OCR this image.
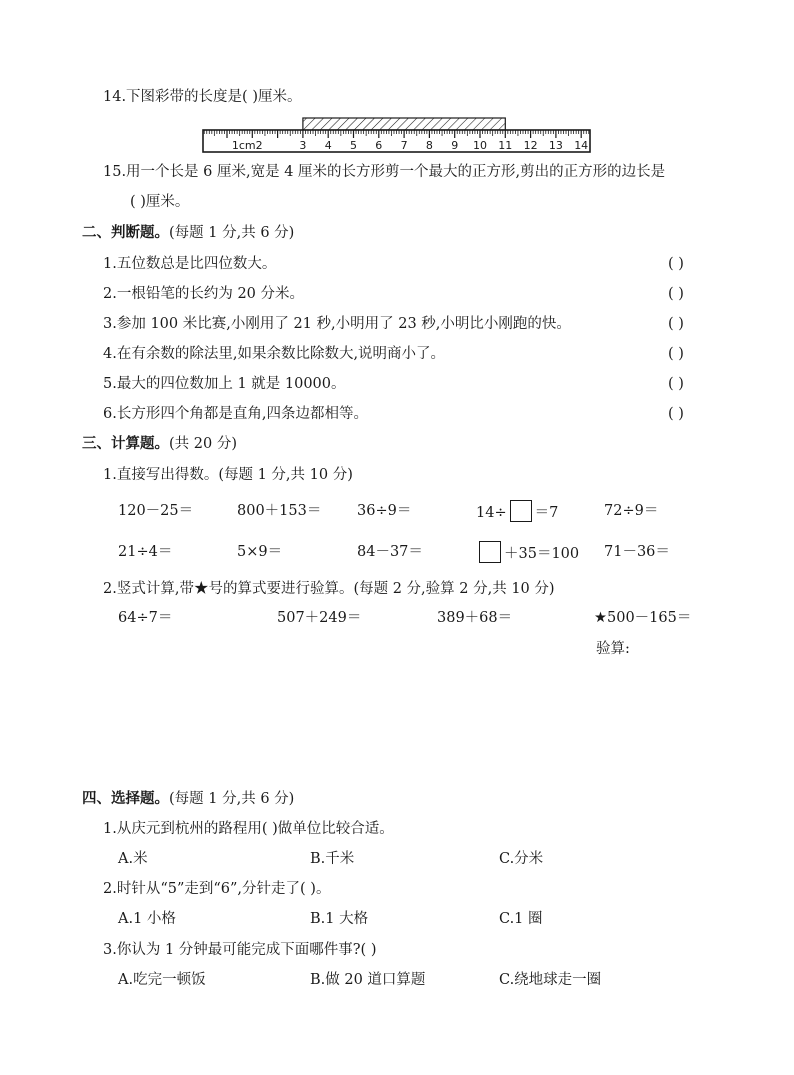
14.下图彩带的长度是( )厘米。
1cm2	3 4 5 6 7 8 9 10 11 12 13 14
15.用一个长是 6 厘米,宽是 4 厘米的长方形剪一个最大的正方形,剪出的正方形的边长是
( )厘米。
二、判断题。(每题 1 分,共 6 分)
1.五位数总是比四位数大。	( )
2.一根铅笔的长约为 20 分米。	( )
3.参加 100 米比赛,小刚用了 21 秒,小明用了 23 秒,小明比小刚跑的快。	( )
4.在有余数的除法里,如果余数比除数大,说明商小了。	( )
5.最大的四位数加上 1 就是 10000。	( )
6.长方形四个角都是直角,四条边都相等。	( )
三、计算题。(共 20 分)
1.直接写出得数。(每题 1 分,共 10 分)
120－25＝	800＋153＝ 36÷9＝	14÷ ＝7	72÷9＝
21÷4＝	5×9＝	84－37＝	＋35＝100 71－36＝
2.竖式计算,带★号的算式要进行验算。(每题 2 分,验算 2 分,共 10 分)
64÷7＝	507＋249＝	389＋68＝	★500－165＝
验算:
四、选择题。(每题 1 分,共 6 分)
1.从庆元到杭州的路程用( )做单位比较合适。
A.米	B.千米	C.分米
2.时针从“5”走到“6”,分针走了( )。
A.1 小格	B.1 大格	C.1 圈
3.你认为 1 分钟最可能完成下面哪件事?( )
A.吃完一顿饭	B.做 20 道口算题	C.绕地球走一圈
